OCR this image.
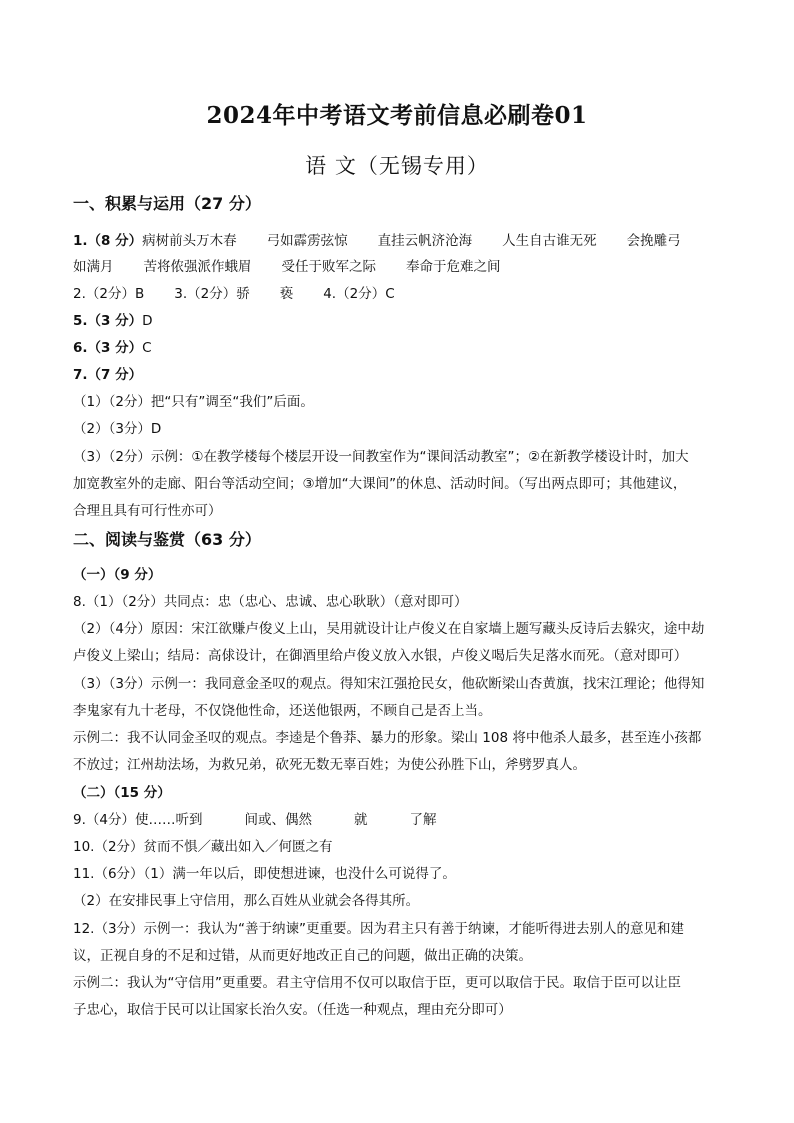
2024年中考语文考前信息必刷卷01
语 文（无锡专用）
一、积累与运用（27 分）
1.（8 分）病树前头万木春 弓如霹雳弦惊 直挂云帆济沧海 人生自古谁无死 会挽雕弓
如满月 苦将侬强派作蛾眉 受任于败军之际 奉命于危难之间
2.（2分）B 3.（2分）骄 亵 4.（2分）C
5.（3 分）D
6.（3 分）C
7.（7 分）
（1）（2分）把“只有”调至“我们”后面。
（2）（3分）D
（3）（2分）示例：①在教学楼每个楼层开设一间教室作为“课间活动教室”；②在新教学楼设计时，加大
加宽教室外的走廊、阳台等活动空间；③增加“大课间”的休息、活动时间。（写出两点即可；其他建议，
合理且具有可行性亦可）
二、阅读与鉴赏（63 分）
（一）（9 分）
8.（1）（2分）共同点：忠（忠心、忠诚、忠心耿耿）（意对即可）
（2）（4分）原因：宋江欲赚卢俊义上山，吴用就设计让卢俊义在自家墙上题写藏头反诗后去躲灾，途中劫
卢俊义上梁山；结局：高俅设计，在御酒里给卢俊义放入水银，卢俊义喝后失足落水而死。（意对即可）
（3）（3分）示例一：我同意金圣叹的观点。得知宋江强抢民女，他砍断梁山杏黄旗，找宋江理论；他得知
李鬼家有九十老母，不仅饶他性命，还送他银两，不顾自己是否上当。
示例二：我不认同金圣叹的观点。李逵是个鲁莽、暴力的形象。梁山 108 将中他杀人最多，甚至连小孩都
不放过；江州劫法场，为救兄弟，砍死无数无辜百姓；为使公孙胜下山，斧劈罗真人。
（二）（15 分）
9.（4分）使……听到	间或、偶然	就	了解
10.（2分）贫而不惧／藏出如入／何匮之有
11.（6分）（1）满一年以后，即使想进谏，也没什么可说得了。
（2）在安排民事上守信用，那么百姓从业就会各得其所。
12.（3分）示例一：我认为“善于纳谏”更重要。因为君主只有善于纳谏，才能听得进去别人的意见和建
议，正视自身的不足和过错，从而更好地改正自己的问题，做出正确的决策。
示例二：我认为“守信用”更重要。君主守信用不仅可以取信于臣，更可以取信于民。取信于臣可以让臣
子忠心，取信于民可以让国家长治久安。（任选一种观点，理由充分即可）
